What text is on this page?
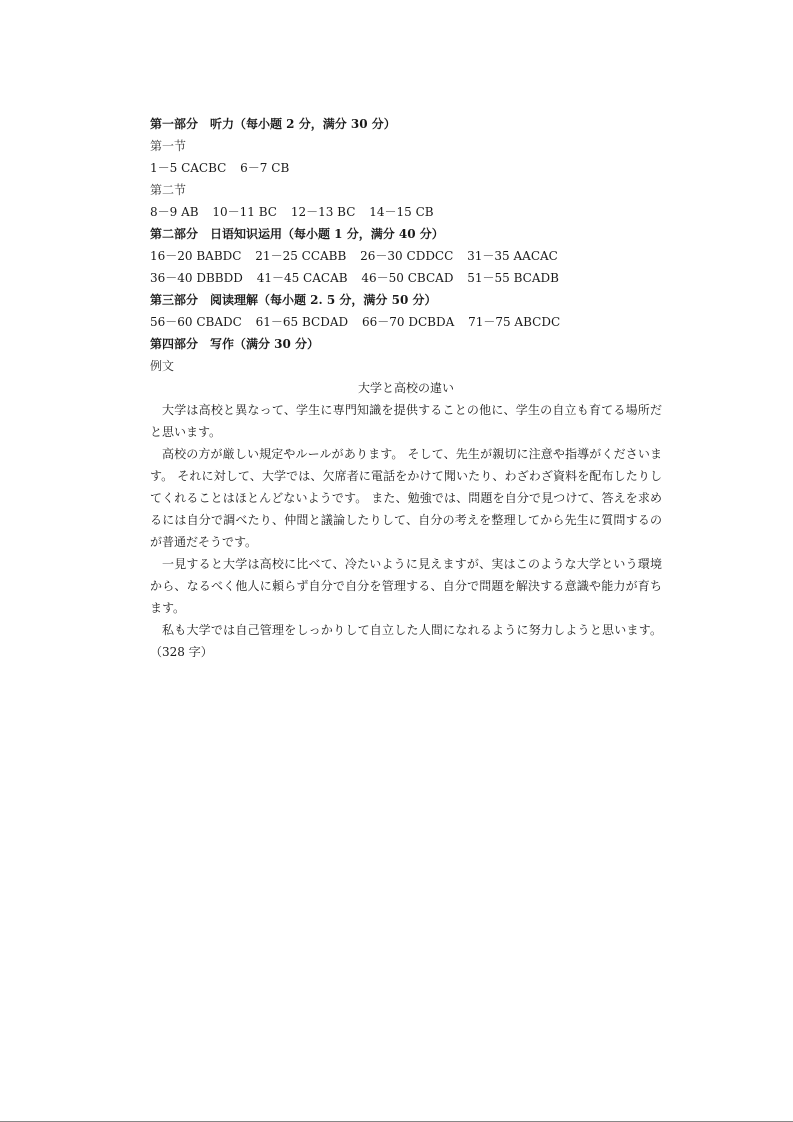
第一部分　听力（每小题 2 分，满分 30 分）
第一节
1－5 CACBC 6－7 CB
第二节
8－9 AB 10－11 BC 12－13 BC 14－15 CB
第二部分　日语知识运用（每小题 1 分，满分 40 分）
16－20 BABDC 21－25 CCABB 26－30 CDDCC 31－35 AACAC
36－40 DBBDD 41－45 CACAB 46－50 CBCAD 51－55 BCADB
第三部分　阅读理解（每小题 2. 5 分，满分 50 分）
56－60 CBADC 61－65 BCDAD 66－70 DCBDA 71－75 ABCDC
第四部分　写作（满分 30 分）
例文
大学と高校の違い

大学は高校と異なって、学生に専門知識を提供することの他に、学生の自立も育てる場所だと思います。

高校の方が厳しい規定やルールがあります。 そして、先生が親切に注意や指導がくださいます。 それに対して、大学では、欠席者に電話をかけて聞いたり、わざわざ資料を配布したりしてくれることはほとんどないようです。 また、勉強では、問題を自分で見つけて、答えを求めるには自分で調べたり、仲間と議論したりして、自分の考えを整理してから先生に質問するのが普通だそうです。

一見すると大学は高校に比べて、冷たいように見えますが、実はこのような大学という環境から、なるべく他人に頼らず自分で自分を管理する、自分で問題を解決する意識や能力が育ちます。

私も大学では自己管理をしっかりして自立した人間になれるように努力しようと思います。（328 字）
